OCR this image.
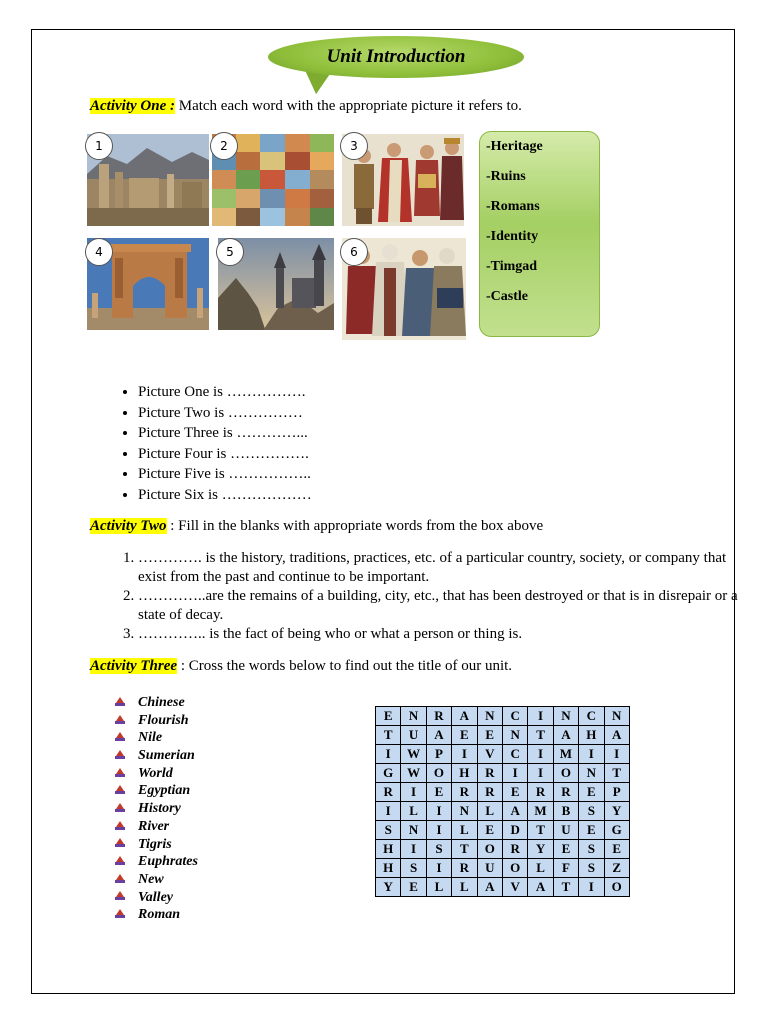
Unit Introduction
Activity One : Match each word with the appropriate picture it refers to.
1	2	3
4	5	6
-Heritage
-Ruins
-Romans
-Identity
-Timgad
-Castle
• Picture One is …………….
• Picture Two is ……………
• Picture Three is …………...
• Picture Four is …………….
• Picture Five is ……………..
• Picture Six is ………………
Activity Two : Fill in the blanks with appropriate words from the box above
1. …………. is the history, traditions, practices, etc. of a particular country, society, or company that exist from the past and continue to be important.
2. …………..are the remains of a building, city, etc., that has been destroyed or that is in disrepair or a state of decay.
3. ………….. is the fact of being who or what a person or thing is.
Activity Three : Cross the words below to find out the title of our unit.
Chinese
Flourish
Nile
Sumerian
World
Egyptian
History
River
Tigris
Euphrates
New
Valley
Roman
E	N	R	A	N	C	I	N	C	N
T	U	A	E	E	N	T	A	H	A
I	W	P	I	V	C	I	M	I	I
G	W	O	H	R	I	I	O	N	T
R	I	E	R	R	E	R	R	E	P
I	L	I	N	L	A	M	B	S	Y
S	N	I	L	E	D	T	U	E	G
H	I	S	T	O	R	Y	E	S	E
H	S	I	R	U	O	L	F	S	Z
Y	E	L	L	A	V	A	T	I	O
